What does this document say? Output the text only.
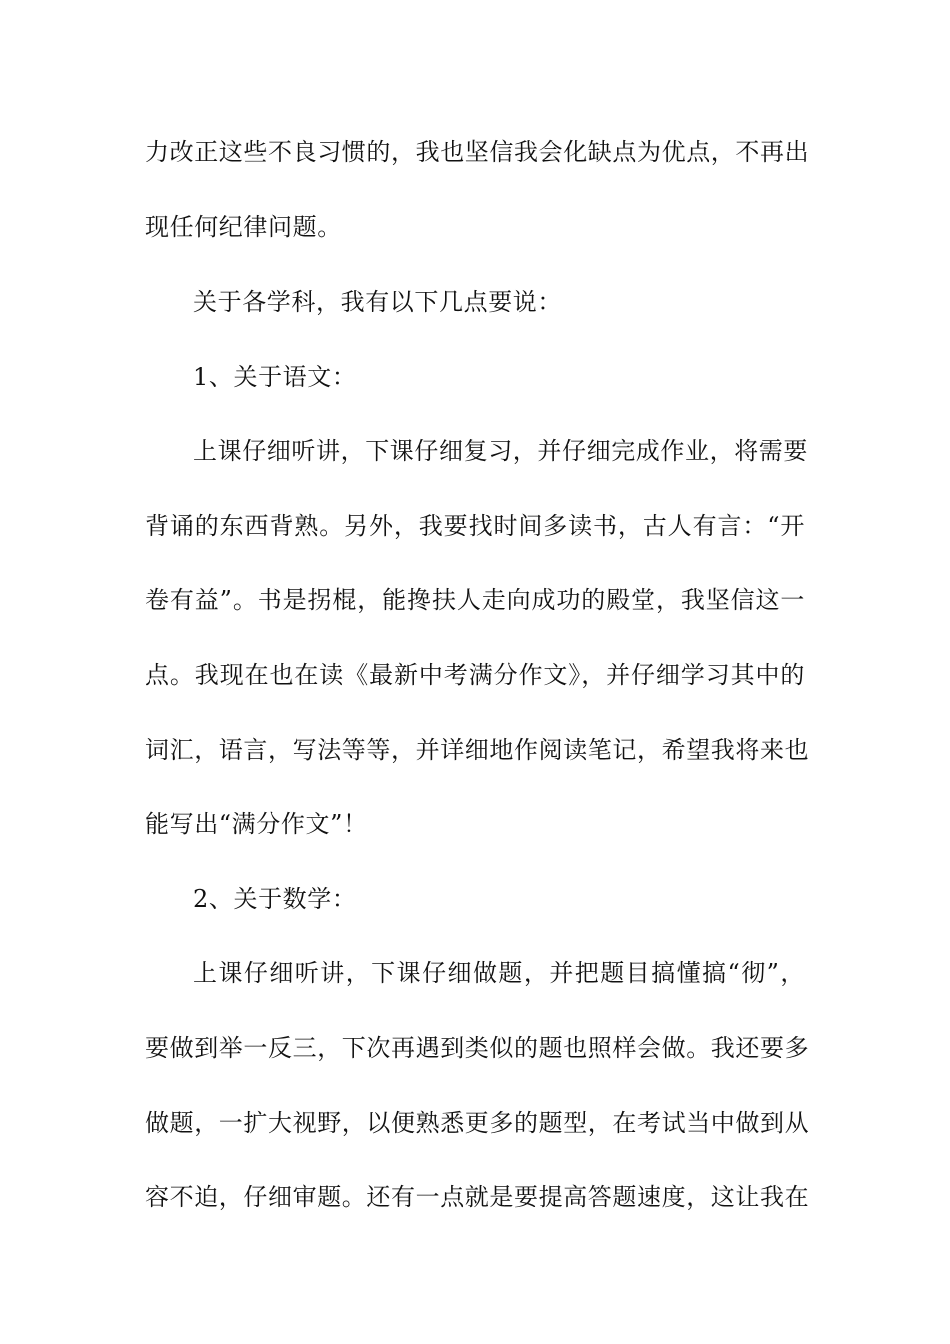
力改正这些不良习惯的，我也坚信我会化缺点为优点，不再出
现任何纪律问题。
关于各学科，我有以下几点要说：
1、关于语文：
上课仔细听讲，下课仔细复习，并仔细完成作业，将需要
背诵的东西背熟。另外，我要找时间多读书，古人有言：“开
卷有益”。书是拐棍，能搀扶人走向成功的殿堂，我坚信这一
点。我现在也在读《最新中考满分作文》，并仔细学习其中的
词汇，语言，写法等等，并详细地作阅读笔记，希望我将来也
能写出“满分作文”！
2、关于数学：
上课仔细听讲，下课仔细做题，并把题目搞懂搞“彻”，
要做到举一反三，下次再遇到类似的题也照样会做。我还要多
做题，一扩大视野，以便熟悉更多的题型，在考试当中做到从
容不迫，仔细审题。还有一点就是要提高答题速度，这让我在
